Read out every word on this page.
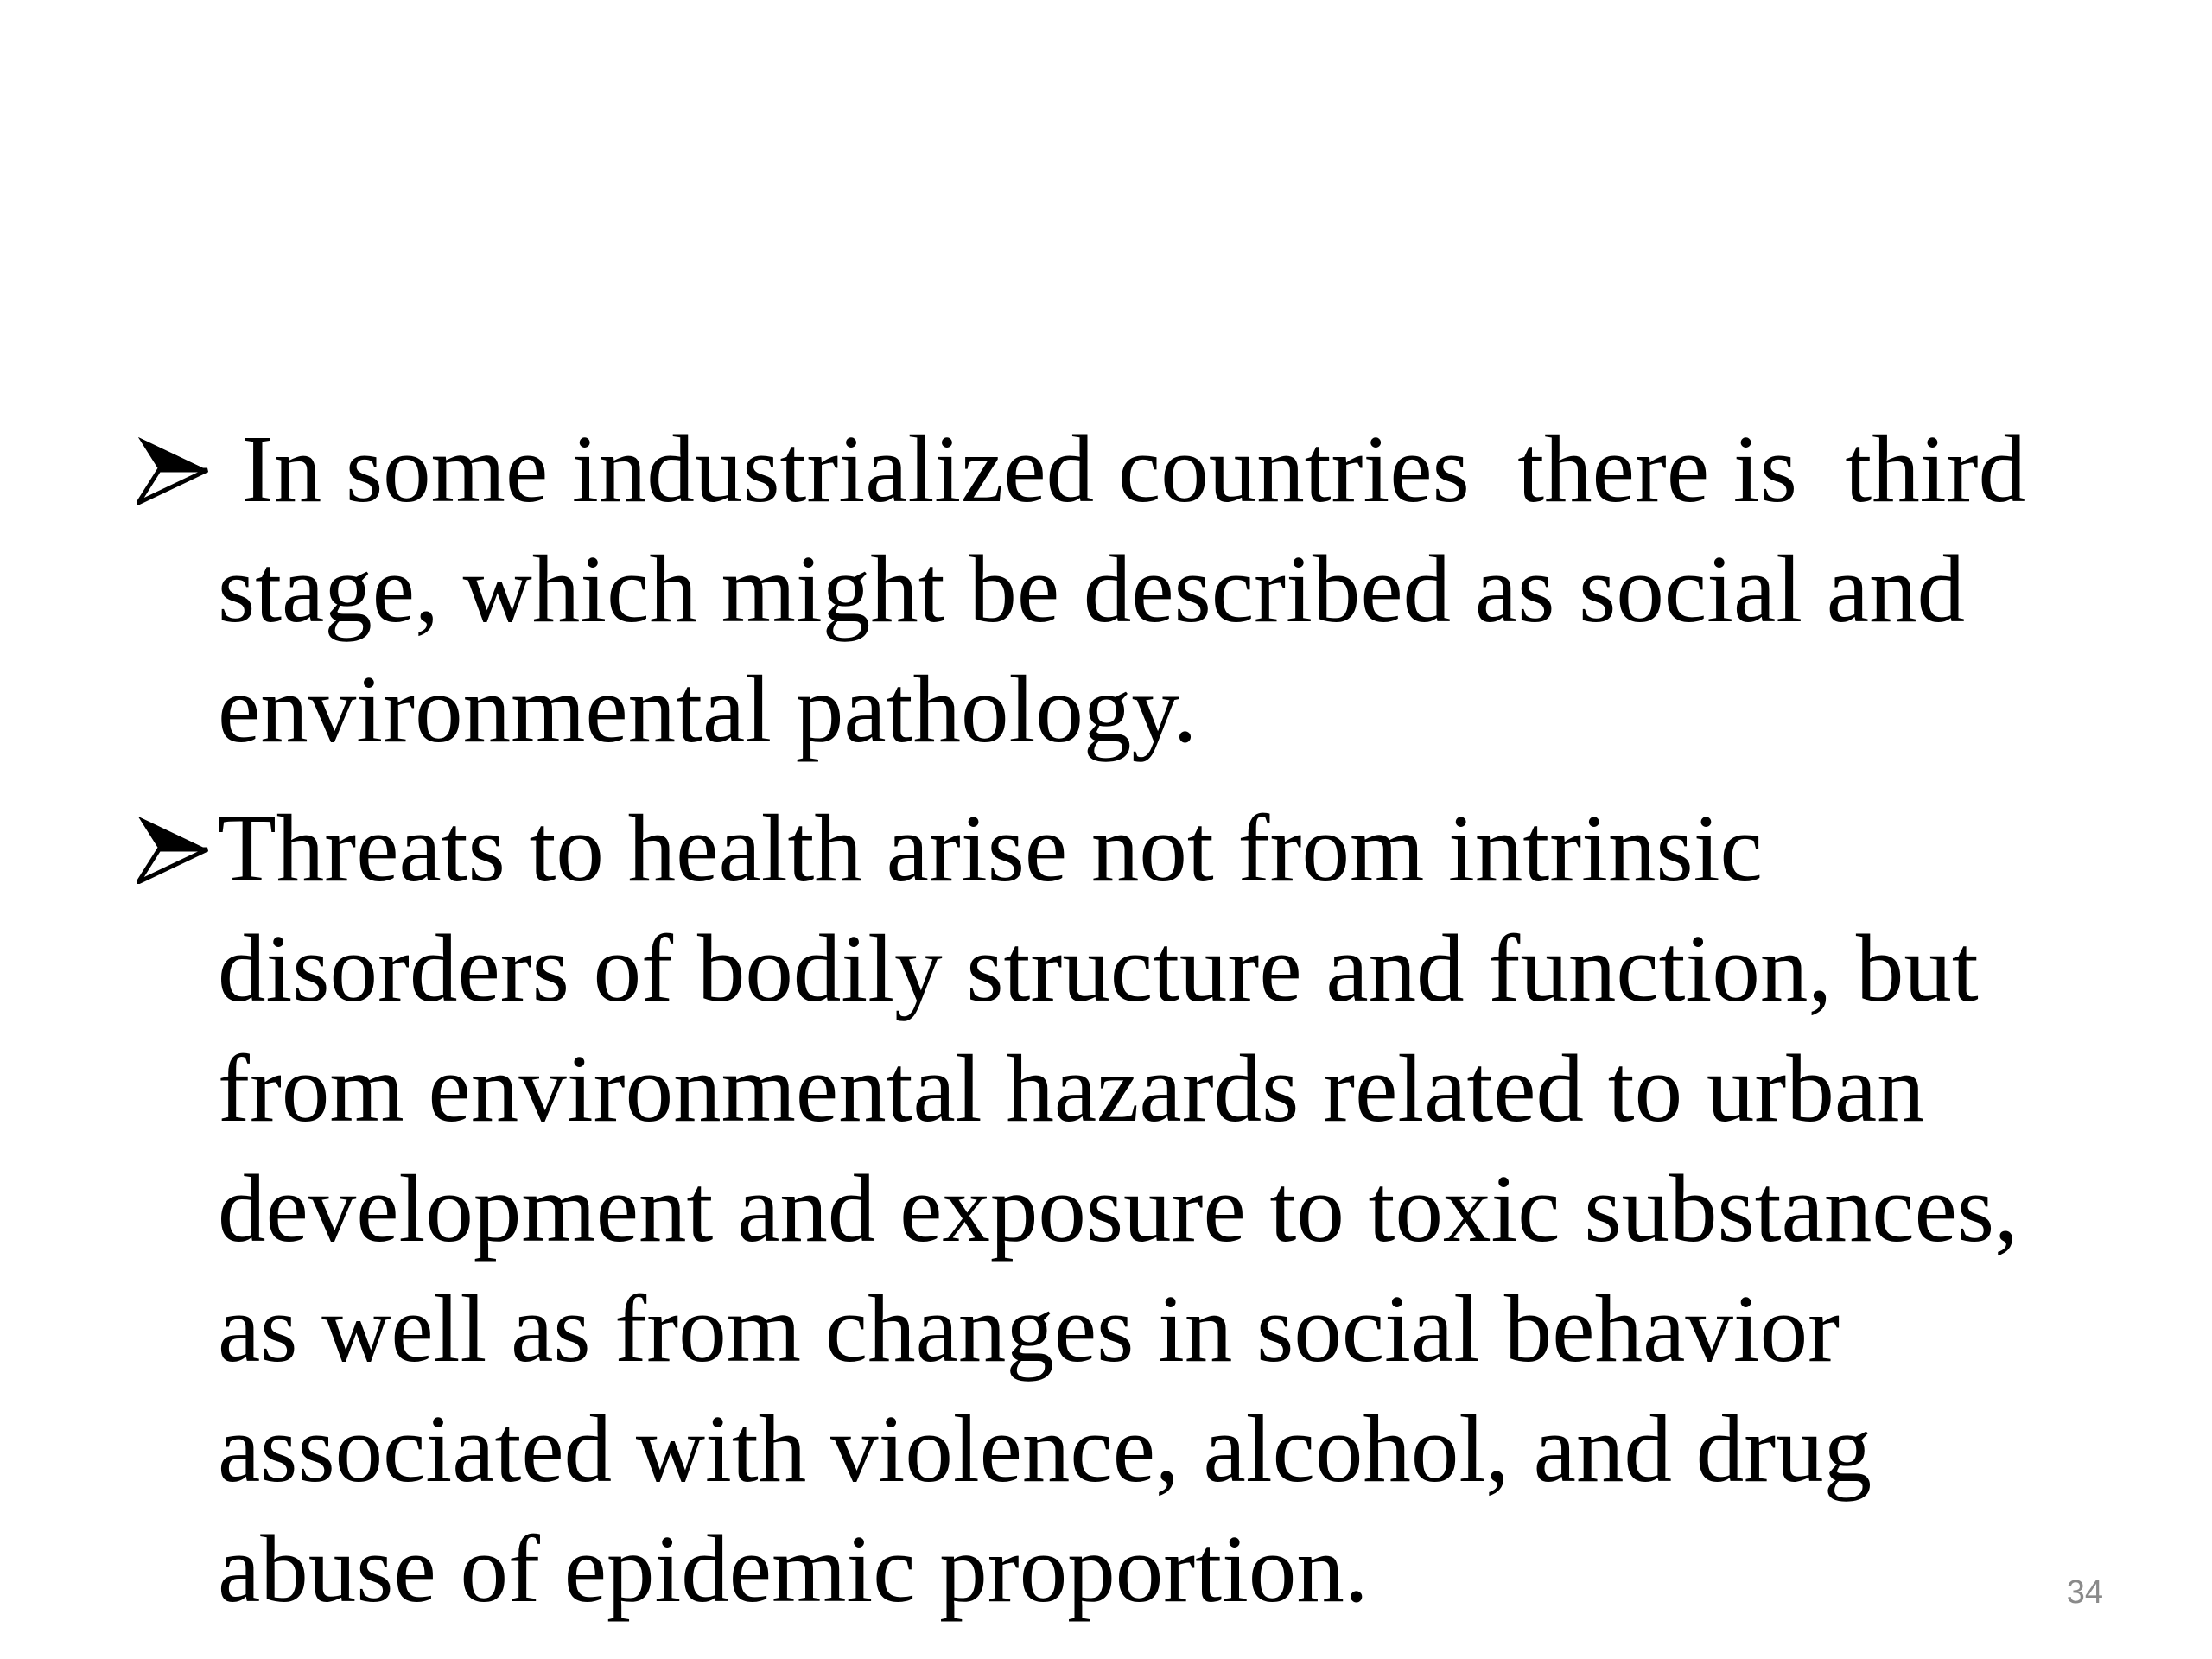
In some industrialized countries  there is  third
stage, which might be described as social and
environmental pathology.
Threats to health arise not from intrinsic
disorders of bodily structure and function, but
from environmental hazards related to urban
development and exposure to toxic substances,
as well as from changes in social behavior
associated with violence, alcohol, and drug
abuse of epidemic proportion.	34
